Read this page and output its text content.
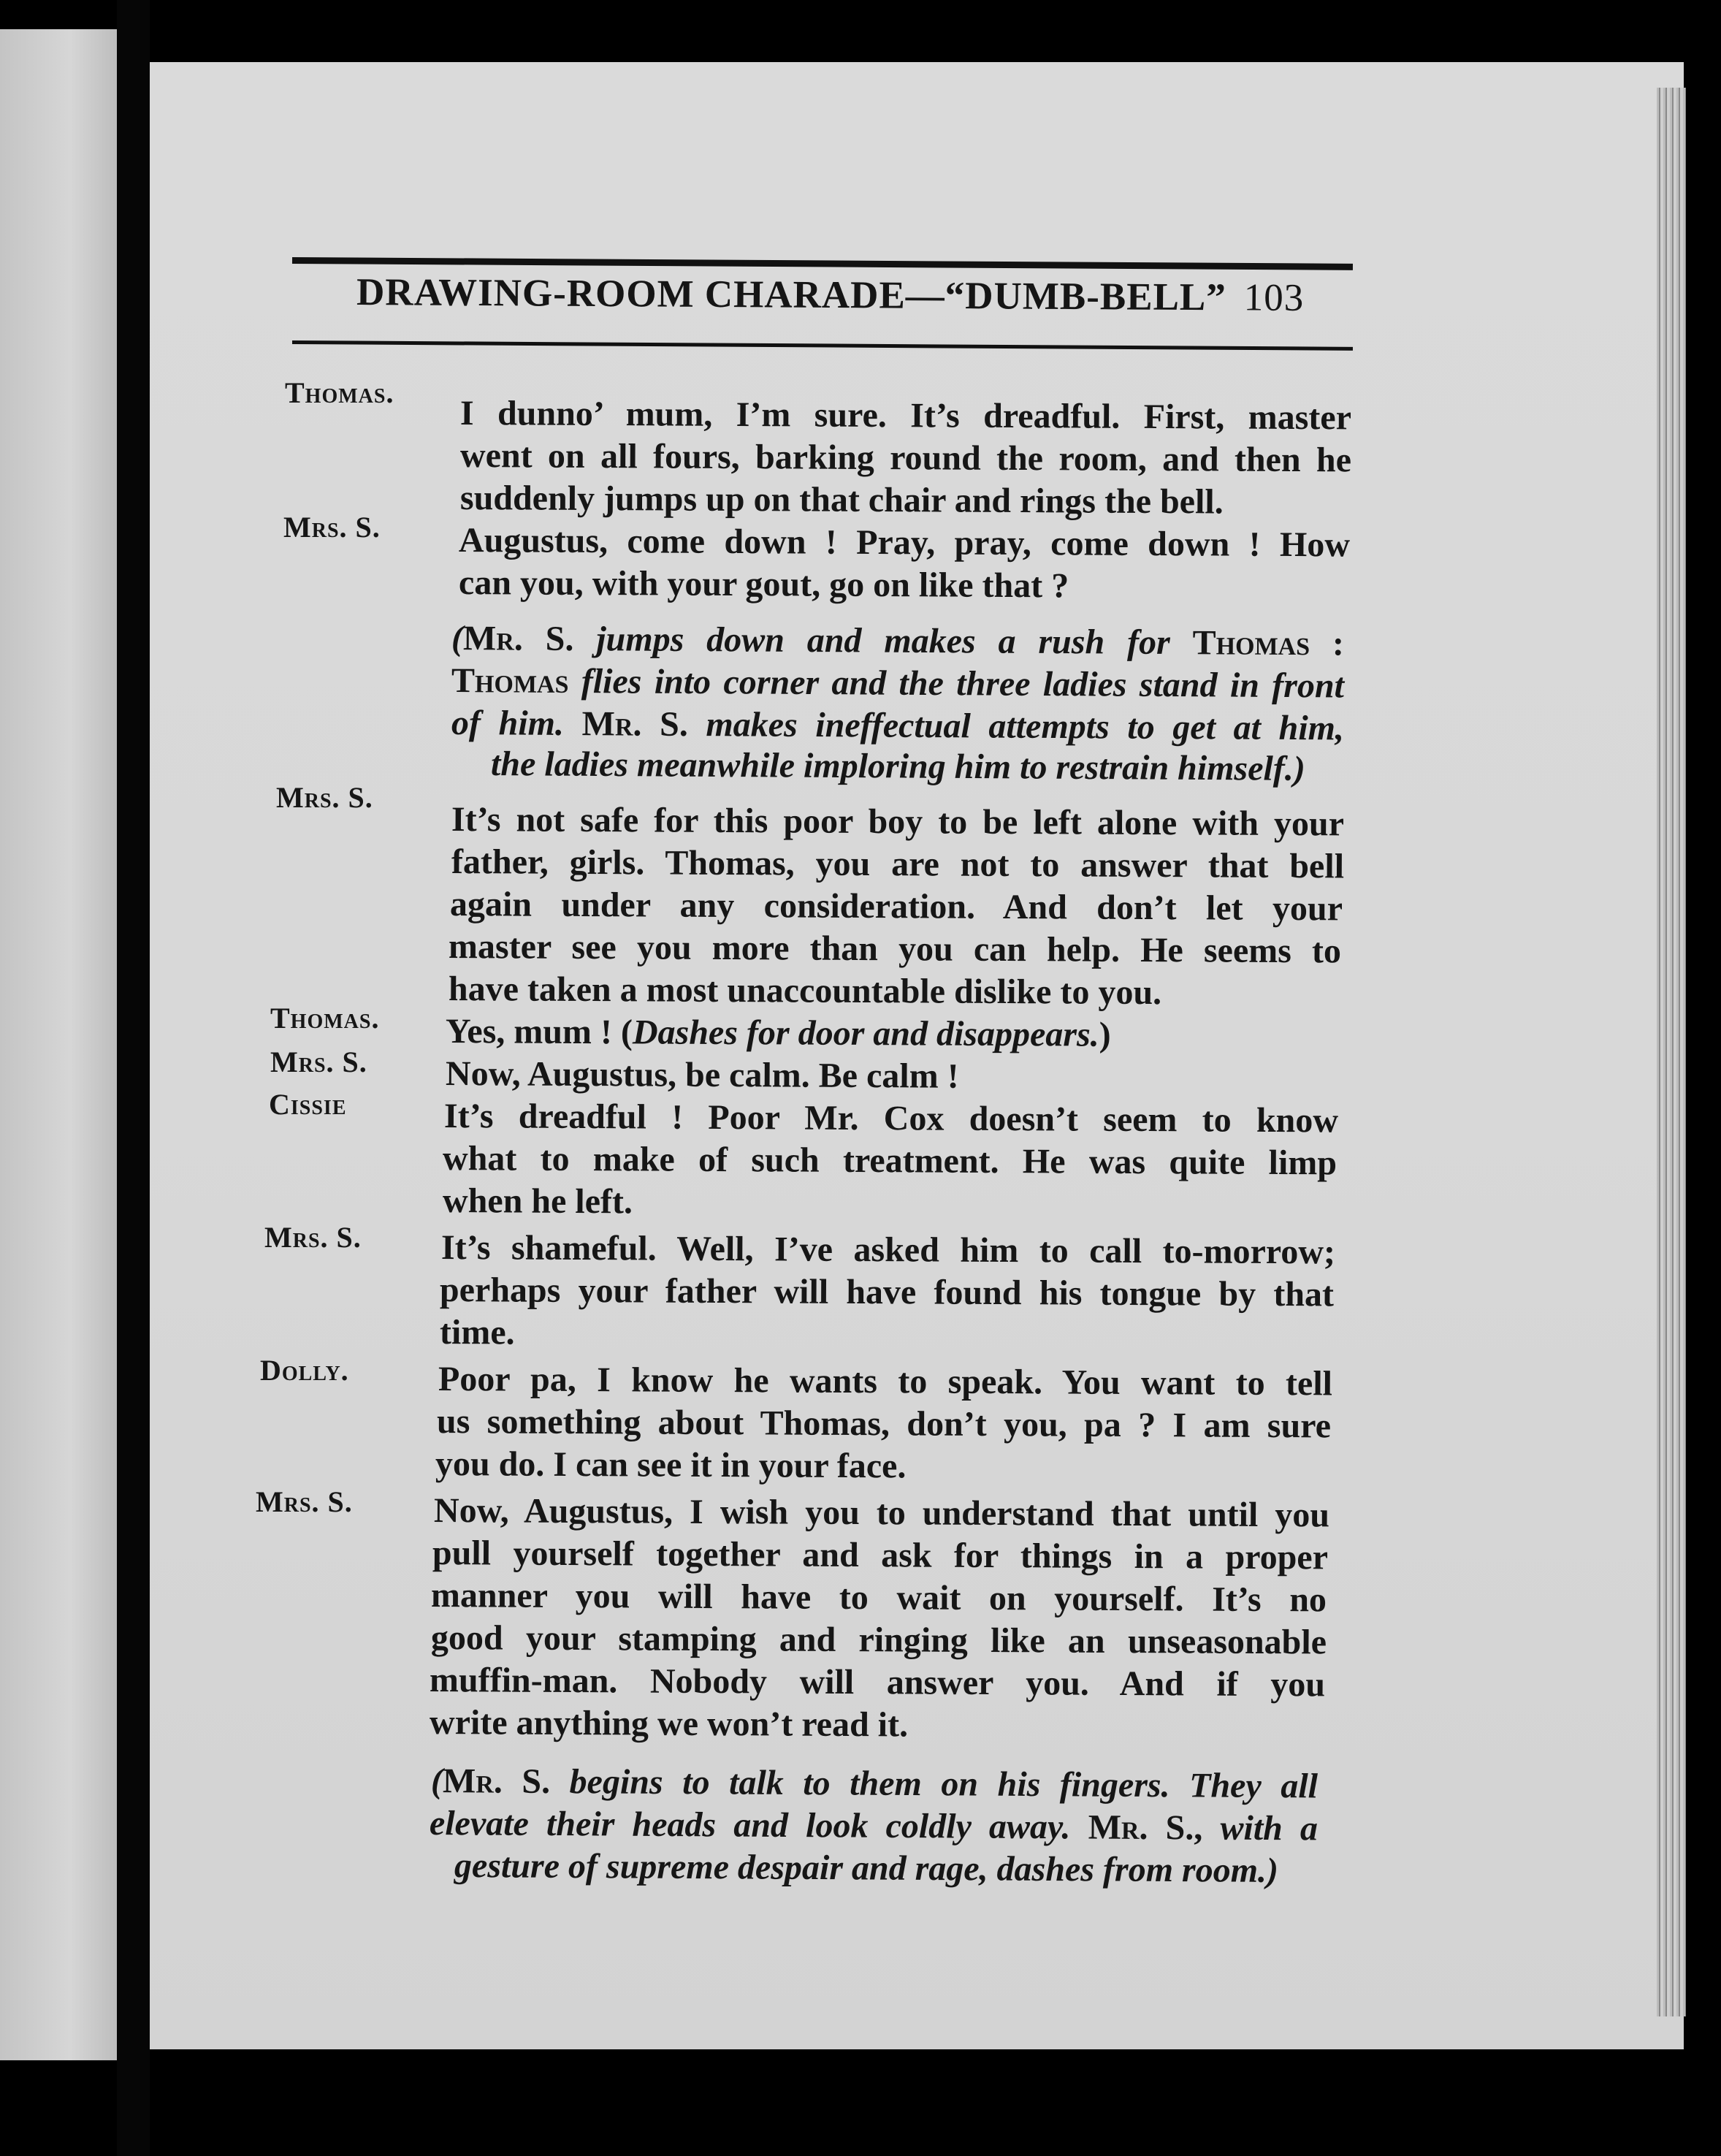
DRAWING-ROOM CHARADE—“DUMB-BELL” 103
Thomas.
Mrs. S.
Mrs. S.
Thomas.
Mrs. S.
Cissie
Mrs. S.
Dolly.
Mrs. S.
I dunno’ mum, I’m sure. It’s dreadful. First, master
went on all fours, barking round the room, and then he
suddenly jumps up on that chair and rings the bell.
Augustus, come down ! Pray, pray, come down ! How
can you, with your gout, go on like that ?
(Mr. S. jumps down and makes a rush for Thomas :
Thomas flies into corner and the three ladies stand in front
of him. Mr. S. makes ineffectual attempts to get at him,
the ladies meanwhile imploring him to restrain himself.)
It’s not safe for this poor boy to be left alone with your
father, girls. Thomas, you are not to answer that bell
again under any consideration. And don’t let your
master see you more than you can help. He seems to
have taken a most unaccountable dislike to you.
Yes, mum ! (Dashes for door and disappears.)
Now, Augustus, be calm. Be calm !
It’s dreadful ! Poor Mr. Cox doesn’t seem to know
what to make of such treatment. He was quite limp
when he left.
It’s shameful. Well, I’ve asked him to call to-morrow;
perhaps your father will have found his tongue by that
time.
Poor pa, I know he wants to speak. You want to tell
us something about Thomas, don’t you, pa ? I am sure
you do. I can see it in your face.
Now, Augustus, I wish you to understand that until you
pull yourself together and ask for things in a proper
manner you will have to wait on yourself. It’s no
good your stamping and ringing like an unseasonable
muffin-man. Nobody will answer you. And if you
write anything we won’t read it.
(Mr. S. begins to talk to them on his fingers. They all
elevate their heads and look coldly away. Mr. S., with a
gesture of supreme despair and rage, dashes from room.)
